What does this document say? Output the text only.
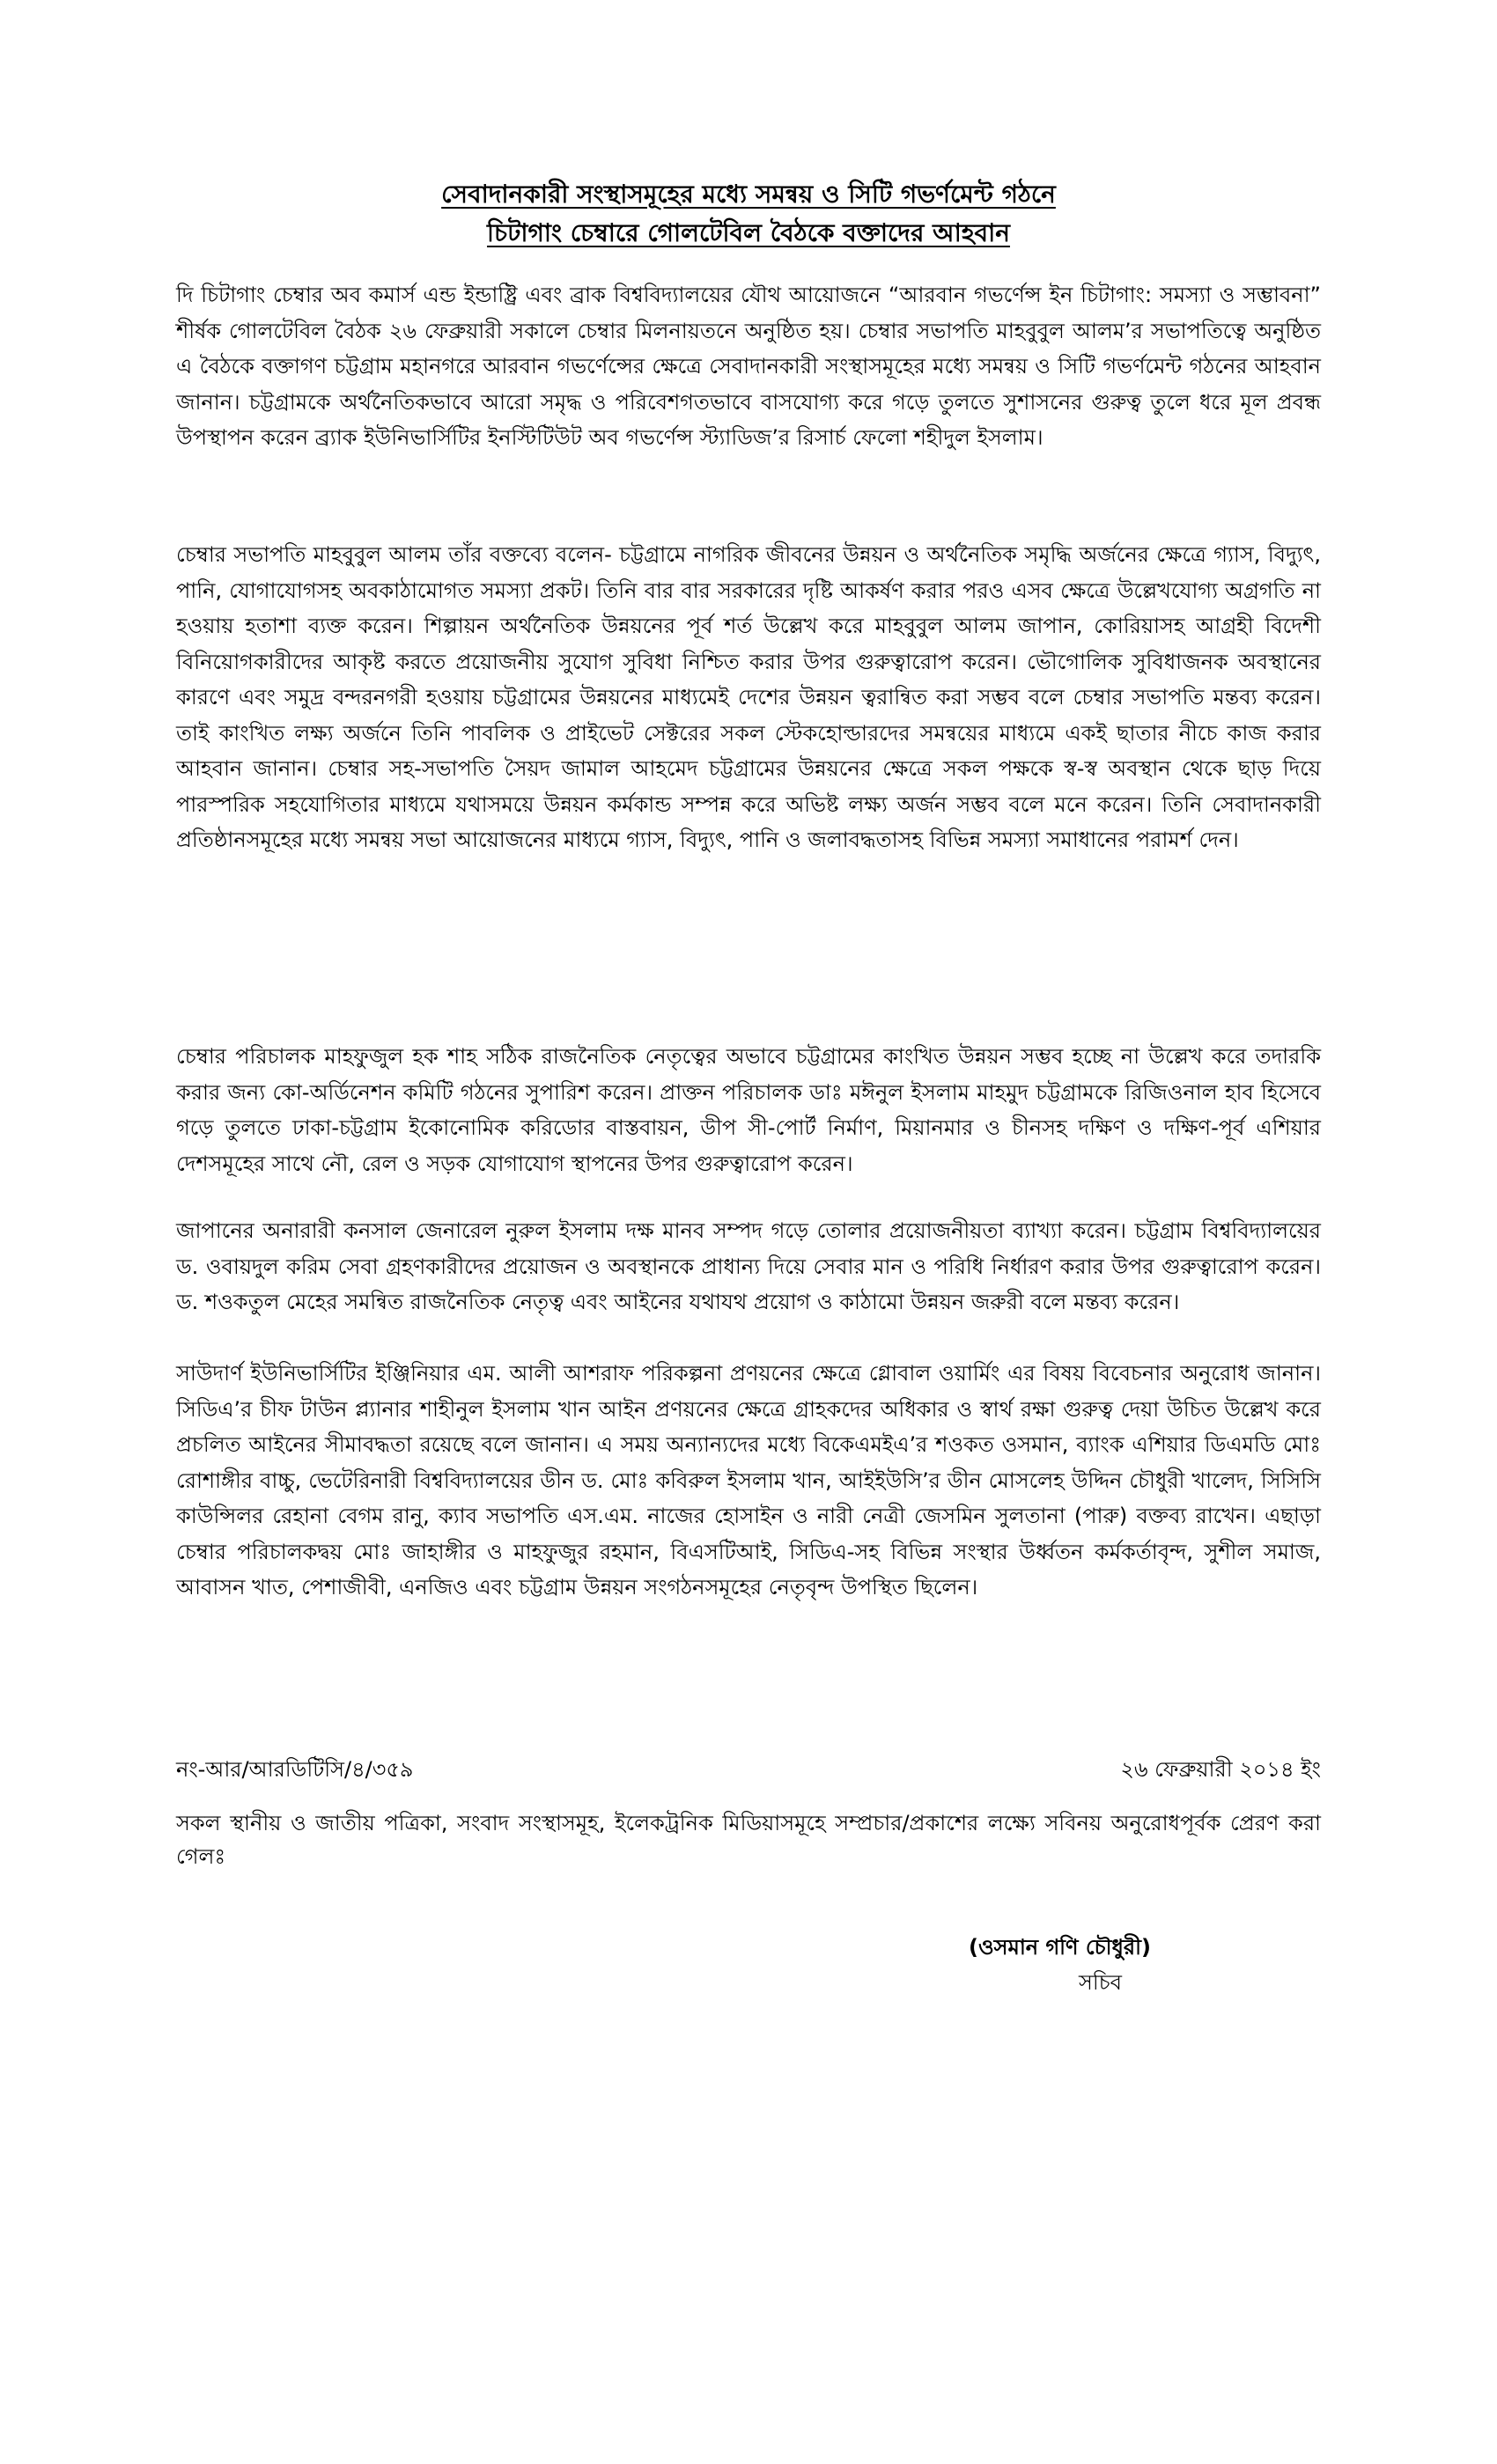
সেবাদানকারী সংস্থাসমূহের মধ্যে সমন্বয় ও সিটি গভর্ণমেন্ট গঠনে
চিটাগাং চেম্বারে গোলটেবিল বৈঠকে বক্তাদের আহবান

দি চিটাগাং চেম্বার অব কমার্স এন্ড ইন্ডাষ্ট্রি এবং ব্রাক বিশ্ববিদ্যালয়ের যৌথ আয়োজনে “আরবান গভর্ণেন্স ইন চিটাগাং: সমস্যা ও সম্ভাবনা” শীর্ষক গোলটেবিল বৈঠক ২৬ ফেব্রুয়ারী সকালে চেম্বার মিলনায়তনে অনুষ্ঠিত হয়। চেম্বার সভাপতি মাহবুবুল আলম’র সভাপতিত্বে অনুষ্ঠিত এ বৈঠকে বক্তাগণ চট্টগ্রাম মহানগরে আরবান গভর্ণেন্সের ক্ষেত্রে সেবাদানকারী সংস্থাসমূহের মধ্যে সমন্বয় ও সিটি গভর্ণমেন্ট গঠনের আহবান জানান। চট্টগ্রামকে অর্থনৈতিকভাবে আরো সমৃদ্ধ ও পরিবেশগতভাবে বাসযোগ্য করে গড়ে তুলতে সুশাসনের গুরুত্ব তুলে ধরে মূল প্রবন্ধ উপস্থাপন করেন ব্র্যাক ইউনিভার্সিটির ইনস্টিটিউট অব গভর্ণেন্স স্ট্যাডিজ’র রিসার্চ ফেলো শহীদুল ইসলাম।

চেম্বার সভাপতি মাহবুবুল আলম তাঁর বক্তব্যে বলেন- চট্টগ্রামে নাগরিক জীবনের উন্নয়ন ও অর্থনৈতিক সমৃদ্ধি অর্জনের ক্ষেত্রে গ্যাস, বিদ্যুৎ, পানি, যোগাযোগসহ অবকাঠামোগত সমস্যা প্রকট। তিনি বার বার সরকারের দৃষ্টি আকর্ষণ করার পরও এসব ক্ষেত্রে উল্লেখযোগ্য অগ্রগতি না হওয়ায় হতাশা ব্যক্ত করেন। শিল্পায়ন অর্থনৈতিক উন্নয়নের পূর্ব শর্ত উল্লেখ করে মাহবুবুল আলম জাপান, কোরিয়াসহ আগ্রহী বিদেশী বিনিয়োগকারীদের আকৃষ্ট করতে প্রয়োজনীয় সুযোগ সুবিধা নিশ্চিত করার উপর গুরুত্বারোপ করেন। ভৌগোলিক সুবিধাজনক অবস্থানের কারণে এবং সমুদ্র বন্দরনগরী হওয়ায় চট্টগ্রামের উন্নয়নের মাধ্যমেই দেশের উন্নয়ন ত্বরান্বিত করা সম্ভব বলে চেম্বার সভাপতি মন্তব্য করেন। তাই কাংখিত লক্ষ্য অর্জনে তিনি পাবলিক ও প্রাইভেট সেক্টরের সকল স্টেকহোল্ডারদের সমন্বয়ের মাধ্যমে একই ছাতার নীচে কাজ করার আহবান জানান। চেম্বার সহ-সভাপতি সৈয়দ জামাল আহমেদ চট্টগ্রামের উন্নয়নের ক্ষেত্রে সকল পক্ষকে স্ব-স্ব অবস্থান থেকে ছাড় দিয়ে পারস্পরিক সহযোগিতার মাধ্যমে যথাসময়ে উন্নয়ন কর্মকান্ড সম্পন্ন করে অভিষ্ট লক্ষ্য অর্জন সম্ভব বলে মনে করেন। তিনি সেবাদানকারী প্রতিষ্ঠানসমূহের মধ্যে সমন্বয় সভা আয়োজনের মাধ্যমে গ্যাস, বিদ্যুৎ, পানি ও জলাবদ্ধতাসহ বিভিন্ন সমস্যা সমাধানের পরামর্শ দেন।

চেম্বার পরিচালক মাহফুজুল হক শাহ সঠিক রাজনৈতিক নেতৃত্বের অভাবে চট্টগ্রামের কাংখিত উন্নয়ন সম্ভব হচ্ছে না উল্লেখ করে তদারকি করার জন্য কো-অর্ডিনেশন কমিটি গঠনের সুপারিশ করেন। প্রাক্তন পরিচালক ডাঃ মঈনুল ইসলাম মাহমুদ চট্টগ্রামকে রিজিওনাল হাব হিসেবে গড়ে তুলতে ঢাকা-চট্টগ্রাম ইকোনোমিক করিডোর বাস্তবায়ন, ডীপ সী-পোর্ট নির্মাণ, মিয়ানমার ও চীনসহ দক্ষিণ ও দক্ষিণ-পূর্ব এশিয়ার দেশসমূহের সাথে নৌ, রেল ও সড়ক যোগাযোগ স্থাপনের উপর গুরুত্বারোপ করেন।

জাপানের অনারারী কনসাল জেনারেল নুরুল ইসলাম দক্ষ মানব সম্পদ গড়ে তোলার প্রয়োজনীয়তা ব্যাখ্যা করেন। চট্টগ্রাম বিশ্ববিদ্যালয়ের ড. ওবায়দুল করিম সেবা গ্রহণকারীদের প্রয়োজন ও অবস্থানকে প্রাধান্য দিয়ে সেবার মান ও পরিধি নির্ধারণ করার উপর গুরুত্বারোপ করেন। ড. শওকতুল মেহের সমন্বিত রাজনৈতিক নেতৃত্ব এবং আইনের যথাযথ প্রয়োগ ও কাঠামো উন্নয়ন জরুরী বলে মন্তব্য করেন।

সাউদার্ণ ইউনিভার্সিটির ইঞ্জিনিয়ার এম. আলী আশরাফ পরিকল্পনা প্রণয়নের ক্ষেত্রে গ্লোবাল ওয়ার্মিং এর বিষয় বিবেচনার অনুরোধ জানান। সিডিএ’র চীফ টাউন প্ল্যানার শাহীনুল ইসলাম খান আইন প্রণয়নের ক্ষেত্রে গ্রাহকদের অধিকার ও স্বার্থ রক্ষা গুরুত্ব দেয়া উচিত উল্লেখ করে প্রচলিত আইনের সীমাবদ্ধতা রয়েছে বলে জানান। এ সময় অন্যান্যদের মধ্যে বিকেএমইএ’র শওকত ওসমান, ব্যাংক এশিয়ার ডিএমডি মোঃ রোশাঙ্গীর বাচ্চু, ভেটেরিনারী বিশ্ববিদ্যালয়ের ডীন ড. মোঃ কবিরুল ইসলাম খান, আইইউসি’র ডীন মোসলেহ উদ্দিন চৌধুরী খালেদ, সিসিসি কাউন্সিলর রেহানা বেগম রানু, ক্যাব সভাপতি এস.এম. নাজের হোসাইন ও নারী নেত্রী জেসমিন সুলতানা (পারু) বক্তব্য রাখেন। এছাড়া চেম্বার পরিচালকদ্বয় মোঃ জাহাঙ্গীর ও মাহফুজুর রহমান, বিএসটিআই, সিডিএ-সহ বিভিন্ন সংস্থার উর্ধ্বতন কর্মকর্তাবৃন্দ, সুশীল সমাজ, আবাসন খাত, পেশাজীবী, এনজিও এবং চট্টগ্রাম উন্নয়ন সংগঠনসমূহের নেতৃবৃন্দ উপস্থিত ছিলেন।

নং-আর/আরডিটিসি/৪/৩৫৯	২৬ ফেব্রুয়ারী ২০১৪ ইং

সকল স্থানীয় ও জাতীয় পত্রিকা, সংবাদ সংস্থাসমূহ, ইলেকট্রনিক মিডিয়াসমূহে সম্প্রচার/প্রকাশের লক্ষ্যে সবিনয় অনুরোধপূর্বক প্রেরণ করা গেলঃ

(ওসমান গণি চৌধুরী)
সচিব
